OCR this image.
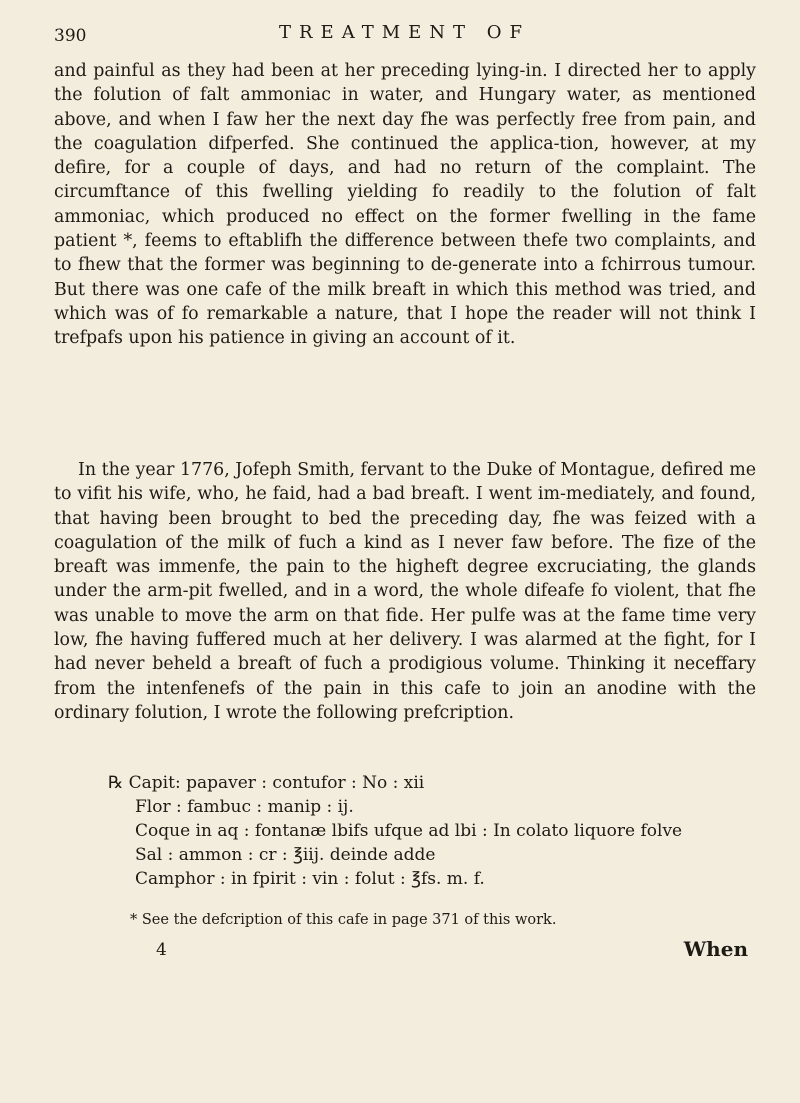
390	TREATMENT OF

and painful as they had been at her preceding lying-in. I directed her to apply the folution of falt ammoniac in water, and Hungary water, as mentioned above, and when I faw her the next day fhe was perfectly free from pain, and the coagulation difperfed. She continued the applica-tion, however, at my defire, for a couple of days, and had no return of the complaint. The circumftance of this fwelling yielding fo readily to the folution of falt ammoniac, which produced no effect on the former fwelling in the fame patient *, feems to eftablifh the difference between thefe two complaints, and to fhew that the former was beginning to de-generate into a fchirrous tumour. But there was one cafe of the milk breaft in which this method was tried, and which was of fo remarkable a nature, that I hope the reader will not think I trefpafs upon his patience in giving an account of it.

In the year 1776, Jofeph Smith, fervant to the Duke of Montague, defired me to vifit his wife, who, he faid, had a bad breaft. I went im-mediately, and found, that having been brought to bed the preceding day, fhe was feized with a coagulation of the milk of fuch a kind as I never faw before. The fize of the breaft was immenfe, the pain to the higheft degree excruciating, the glands under the arm-pit fwelled, and in a word, the whole difeafe fo violent, that fhe was unable to move the arm on that fide. Her pulfe was at the fame time very low, fhe having fuffered much at her delivery. I was alarmed at the fight, for I had never beheld a breaft of fuch a prodigious volume. Thinking it neceffary from the intenfenefs of the pain in this cafe to join an anodine with the ordinary folution, I wrote the following prefcription.

℞ Capit: papaver : contufor : No : xii
Flor : fambuc : manip : ij.
Coque in aq : fontanæ lbifs ufque ad lbi : In colato liquore folve
Sal : ammon : cr : ℥iij. deinde adde
Camphor : in fpirit : vin : folut : ℥fs. m. f.
* See the defcription of this cafe in page 371 of this work.
4	When
